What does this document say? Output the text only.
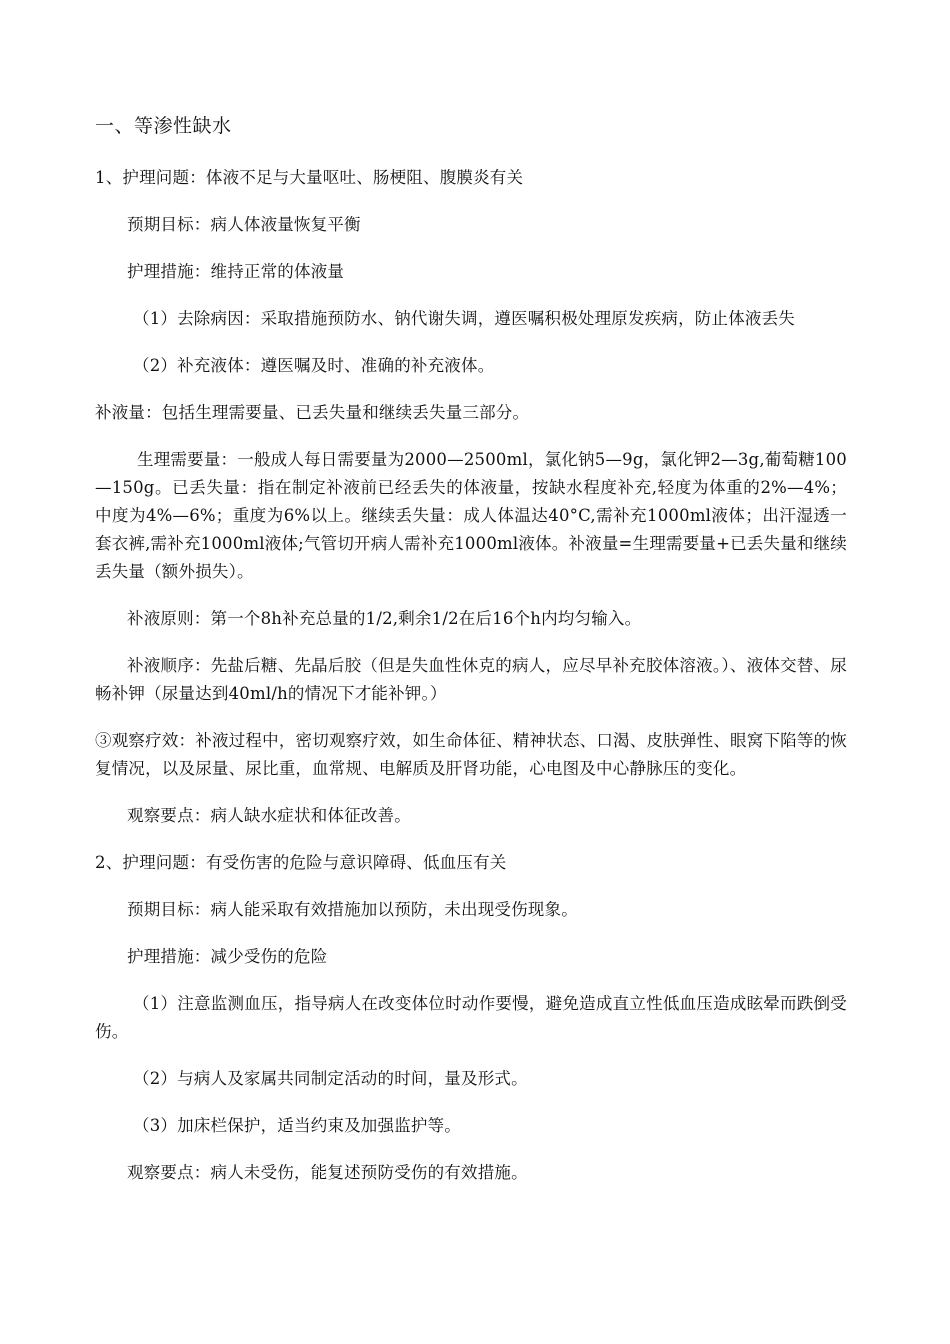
一、等渗性缺水

1、护理问题：体液不足与大量呕吐、肠梗阻、腹膜炎有关

预期目标：病人体液量恢复平衡

护理措施：维持正常的体液量

（1）去除病因：采取措施预防水、钠代谢失调，遵医嘱积极处理原发疾病，防止体液丢失

（2）补充液体：遵医嘱及时、准确的补充液体。

补液量：包括生理需要量、已丢失量和继续丢失量三部分。

生理需要量：一般成人每日需要量为2000—2500ml，氯化钠5—9g，氯化钾2—3g,葡萄糖100—150g。已丢失量：指在制定补液前已经丢失的体液量，按缺水程度补充,轻度为体重的2%—4%；中度为4%—6%；重度为6%以上。继续丢失量：成人体温达40°C,需补充1000ml液体；出汗湿透一套衣裤,需补充1000ml液体;气管切开病人需补充1000ml液体。补液量=生理需要量+已丢失量和继续丢失量（额外损失）。

补液原则：第一个8h补充总量的1/2,剩余1/2在后16个h内均匀输入。

补液顺序：先盐后糖、先晶后胶（但是失血性休克的病人，应尽早补充胶体溶液。）、液体交替、尿畅补钾（尿量达到40ml/h的情况下才能补钾。）

③观察疗效：补液过程中，密切观察疗效，如生命体征、精神状态、口渴、皮肤弹性、眼窝下陷等的恢复情况，以及尿量、尿比重，血常规、电解质及肝肾功能，心电图及中心静脉压的变化。

观察要点：病人缺水症状和体征改善。

2、护理问题：有受伤害的危险与意识障碍、低血压有关

预期目标：病人能采取有效措施加以预防，未出现受伤现象。

护理措施：减少受伤的危险

（1）注意监测血压，指导病人在改变体位时动作要慢，避免造成直立性低血压造成眩晕而跌倒受伤。

（2）与病人及家属共同制定活动的时间，量及形式。

（3）加床栏保护，适当约束及加强监护等。

观察要点：病人未受伤，能复述预防受伤的有效措施。
